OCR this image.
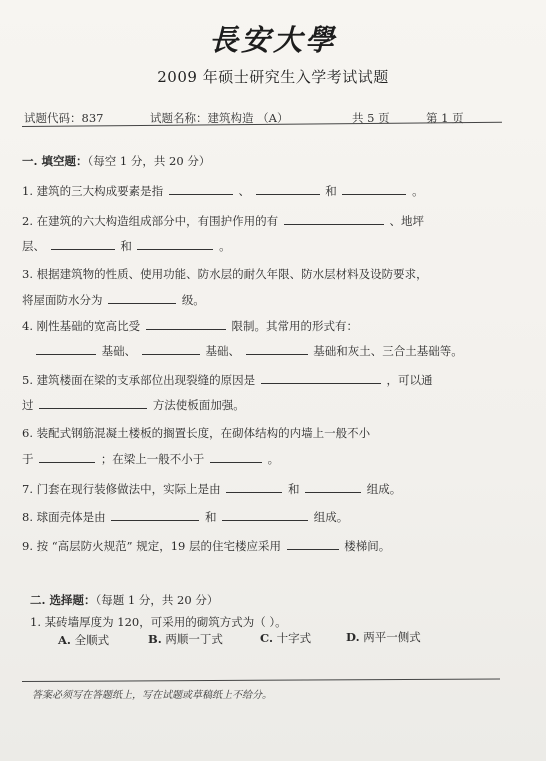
長安大學
2009 年硕士研究生入学考试试题
试题代码：837	试题名称：建筑构造 （A）	共 5 页	第 1 页
一. 填空题：（每空 1 分，共 20 分）
1. 建筑的三大构成要素是指	、	和	。
2. 在建筑的六大构造组成部分中，有围护作用的有	、地坪
层、	和	。
3. 根据建筑物的性质、使用功能、防水层的耐久年限、防水层材料及设防要求，
将屋面防水分为	级。
4. 刚性基础的宽高比受	限制。其常用的形式有：
基础、	基础、	基础和灰土、三合土基础等。
5. 建筑楼面在梁的支承部位出现裂缝的原因是	，可以通
过	方法使板面加强。
6. 装配式钢筋混凝土楼板的搁置长度，在砌体结构的内墙上一般不小
于	；在梁上一般不小于	。
7. 门套在现行装修做法中，实际上是由	和	组成。
8. 球面壳体是由	和	组成。
9. 按 “高层防火规范” 规定，19 层的住宅楼应采用	楼梯间。
二. 选择题：（每题 1 分，共 20 分）
1. 某砖墙厚度为 120，可采用的砌筑方式为（ ）。
A. 全顺式	B. 两顺一丁式	C. 十字式	D. 两平一侧式
答案必须写在答题纸上，写在试题或草稿纸上不给分。
